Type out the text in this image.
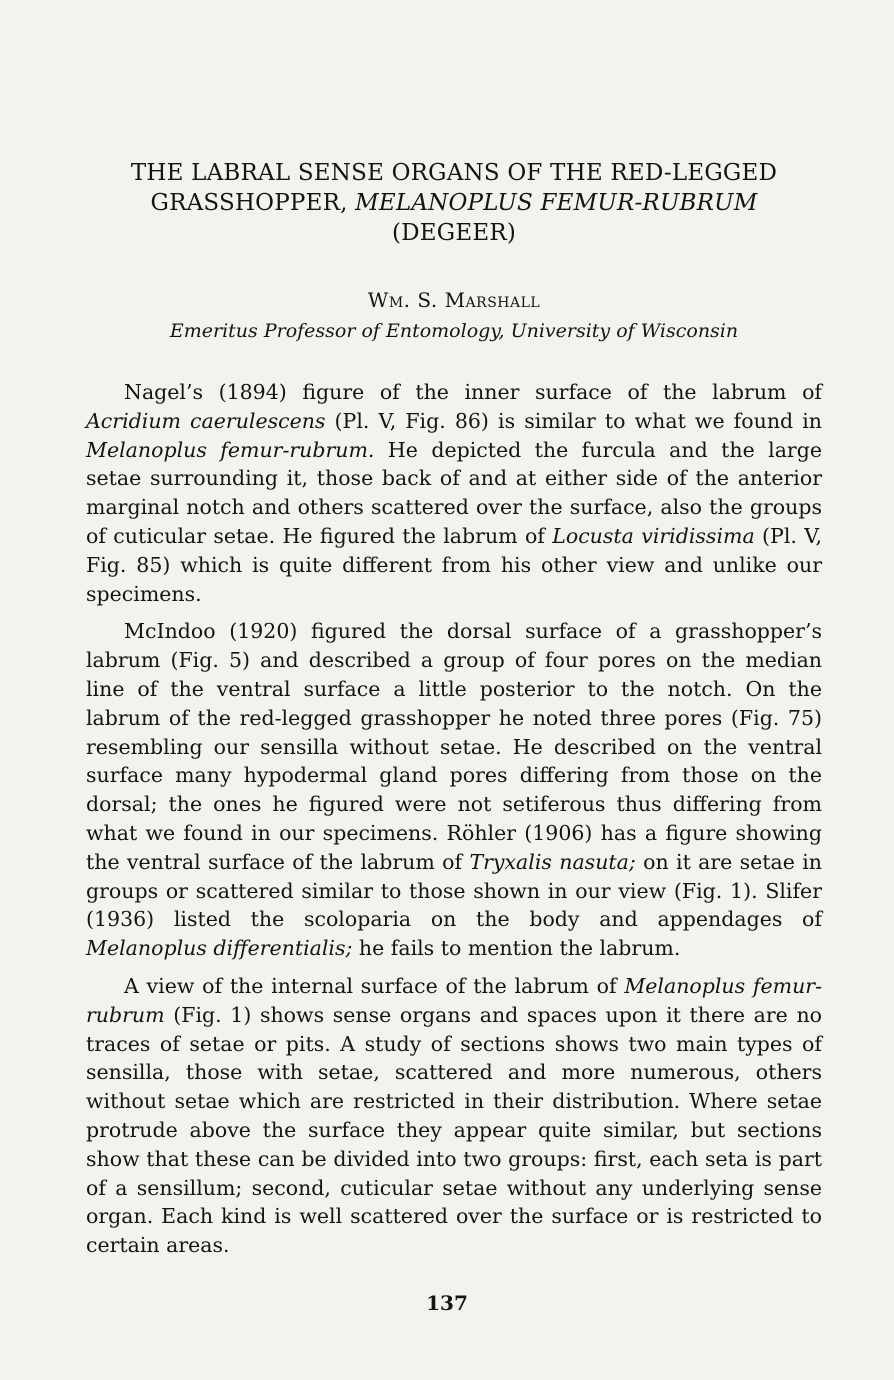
THE LABRAL SENSE ORGANS OF THE RED-LEGGED
GRASSHOPPER, MELANOPLUS FEMUR-RUBRUM
(DEGEER)
Wm. S. Marshall
Emeritus Professor of Entomology, University of Wisconsin

Nagel’s (1894) figure of the inner surface of the labrum of Acridium caerulescens (Pl. V, Fig. 86) is similar to what we found in Melanoplus femur-rubrum. He depicted the furcula and the large setae surrounding it, those back of and at either side of the anterior marginal notch and others scattered over the surface, also the groups of cuticular setae. He figured the labrum of Locusta viridissima (Pl. V, Fig. 85) which is quite different from his other view and unlike our specimens.

McIndoo (1920) figured the dorsal surface of a grasshopper’s labrum (Fig. 5) and described a group of four pores on the median line of the ventral surface a little posterior to the notch. On the labrum of the red-legged grasshopper he noted three pores (Fig. 75) resembling our sensilla without setae. He described on the ventral surface many hypodermal gland pores differing from those on the dorsal; the ones he figured were not setiferous thus differing from what we found in our specimens. Röhler (1906) has a figure showing the ventral surface of the labrum of Tryxalis nasuta; on it are setae in groups or scattered similar to those shown in our view (Fig. 1). Slifer (1936) listed the scoloparia on the body and appendages of Melanoplus differentialis; he fails to mention the labrum.

A view of the internal surface of the labrum of Melanoplus femur-rubrum (Fig. 1) shows sense organs and spaces upon it there are no traces of setae or pits. A study of sections shows two main types of sensilla, those with setae, scattered and more numerous, others without setae which are restricted in their distribution. Where setae protrude above the surface they appear quite similar, but sections show that these can be divided into two groups: first, each seta is part of a sensillum; second, cuticular setae without any underlying sense organ. Each kind is well scattered over the surface or is restricted to certain areas.

137
